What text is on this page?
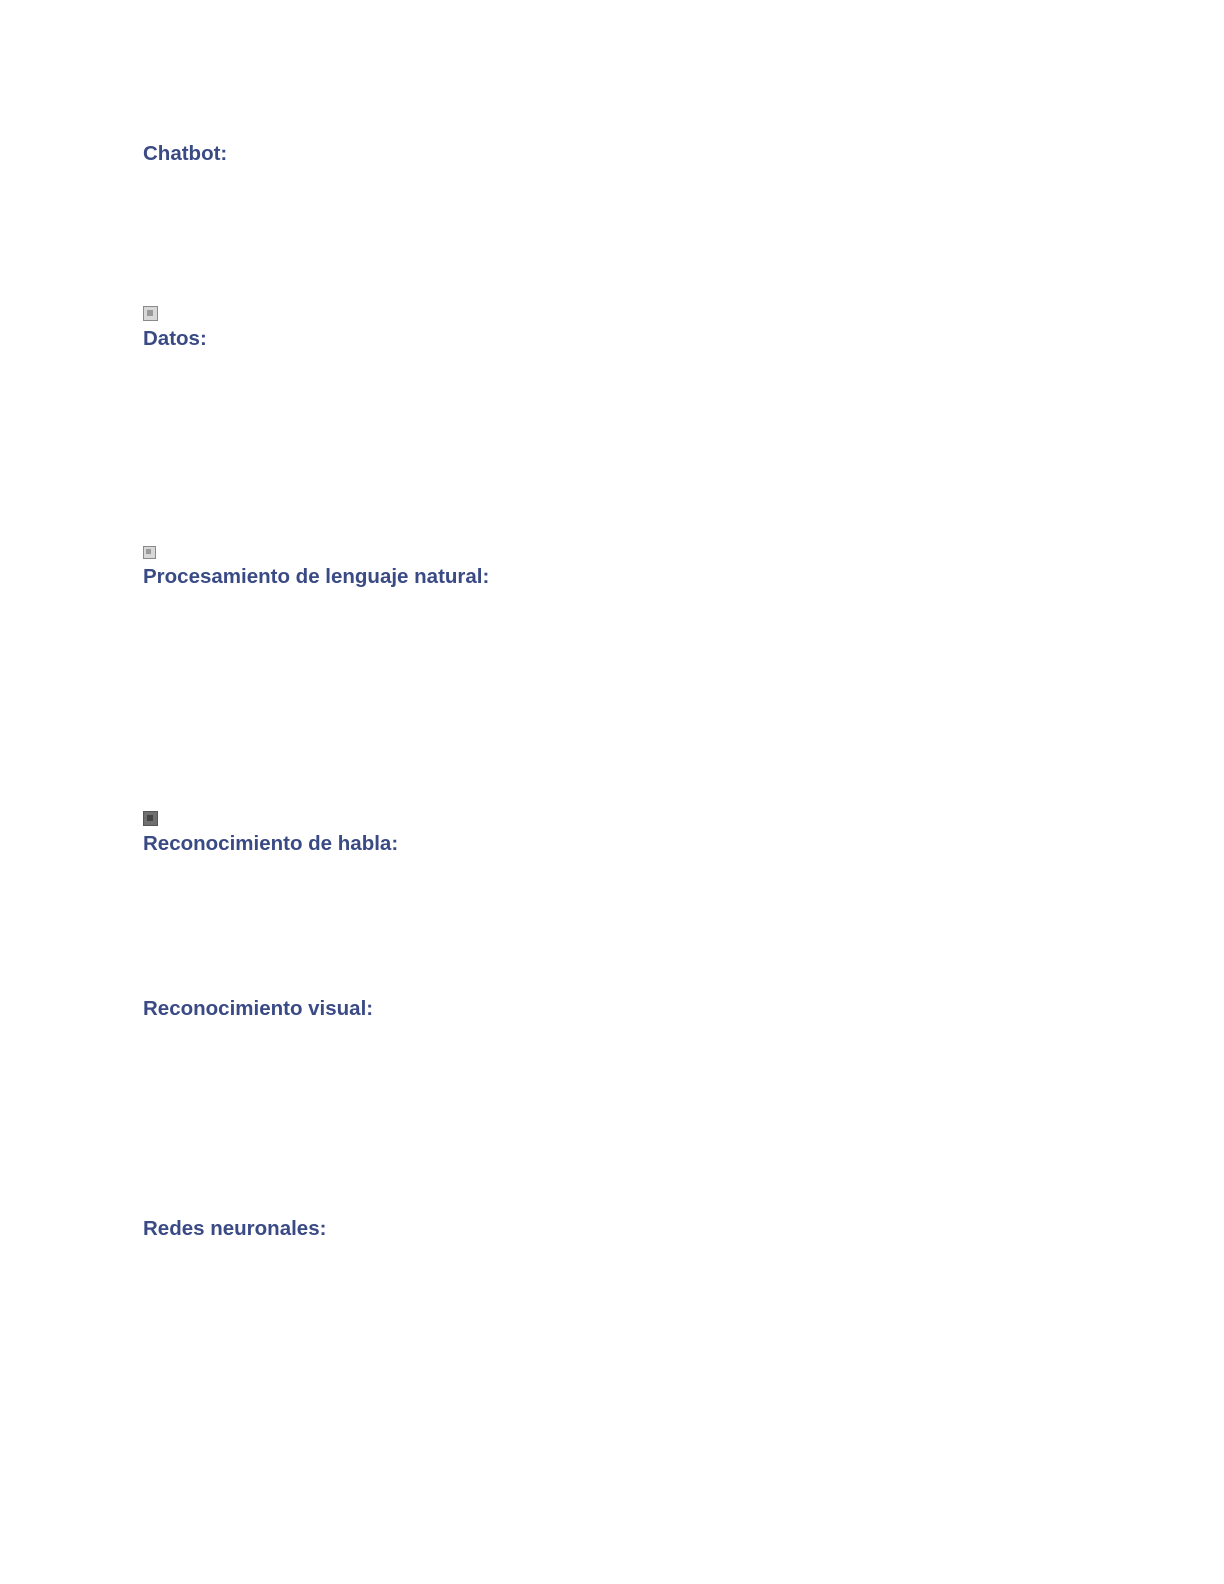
Chatbot:

Datos:

Procesamiento de lenguaje natural:

Reconocimiento de habla:

Reconocimiento visual:

Redes neuronales:
